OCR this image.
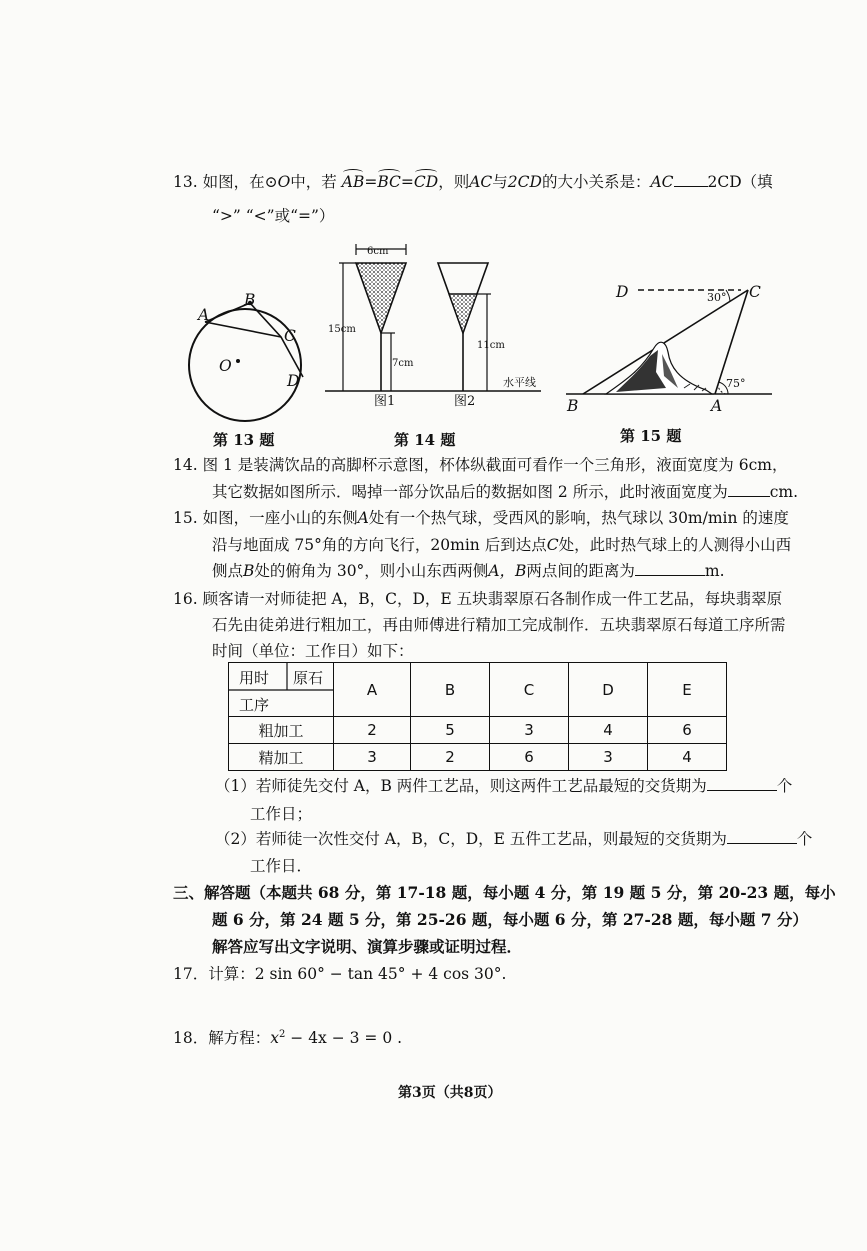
13. 如图，在⊙O中，若 AB=BC=CD，则AC与2CD的大小关系是：AC 2CD（填
“>” “<”或“=”）
A
B
C
D
O
第 13 题
6cm
15cm
7cm
11cm
水平线
图1	图2
第 14 题
D	C
30°
75°
B	A
第 15 题
14. 图 1 是装满饮品的高脚杯示意图，杯体纵截面可看作一个三角形，液面宽度为 6cm，
其它数据如图所示．喝掉一部分饮品后的数据如图 2 所示，此时液面宽度为	cm.
15. 如图，一座小山的东侧A处有一个热气球，受西风的影响，热气球以 30m/min 的速度
沿与地面成 75°角的方向飞行，20min 后到达点C处，此时热气球上的人测得小山西
侧点B处的俯角为 30°，则小山东西两侧A，B两点间的距离为	m.
16. 顾客请一对师徒把 A，B，C，D，E 五块翡翠原石各制作成一件工艺品，每块翡翠原
石先由徒弟进行粗加工，再由师傅进行精加工完成制作．五块翡翠原石每道工序所需
时间（单位：工作日）如下：
用时 原石
工序	A	B	C	D	E
粗加工	2	5	3	4	6
精加工	3	2	6	3	4
（1）若师徒先交付 A，B 两件工艺品，则这两件工艺品最短的交货期为	个
工作日；
（2）若师徒一次性交付 A，B，C，D，E 五件工艺品，则最短的交货期为	个
工作日．
三、解答题（本题共 68 分，第 17-18 题，每小题 4 分，第 19 题 5 分，第 20-23 题，每小
题 6 分，第 24 题 5 分，第 25-26 题，每小题 6 分，第 27-28 题，每小题 7 分）
解答应写出文字说明、演算步骤或证明过程．
17．计算：2 sin 60° − tan 45° + 4 cos 30°.
18．解方程：$x^2 - 4x - 3 = 0$ .
第3页（共8页）
